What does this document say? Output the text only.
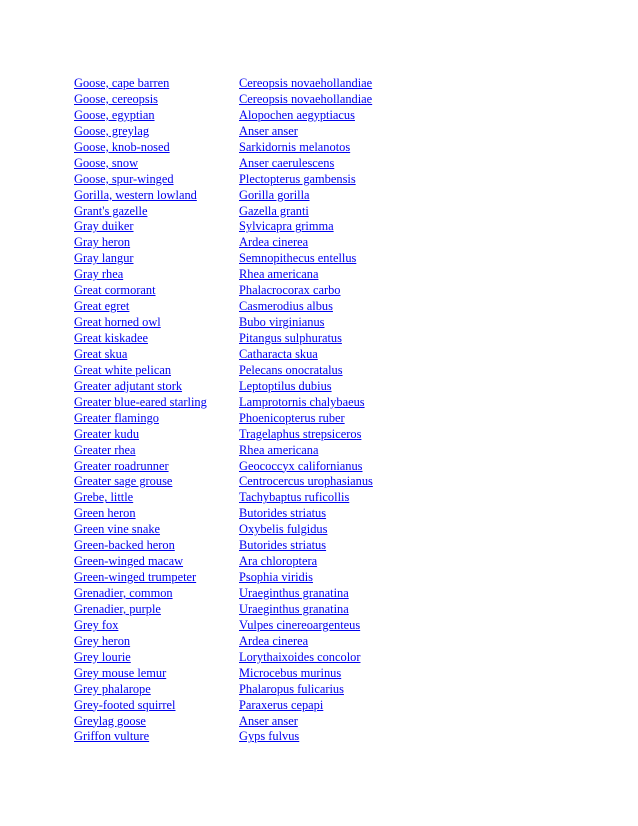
Goose, cape barren	Cereopsis novaehollandiae
Goose, cereopsis	Cereopsis novaehollandiae
Goose, egyptian	Alopochen aegyptiacus
Goose, greylag	Anser anser
Goose, knob-nosed	Sarkidornis melanotos
Goose, snow	Anser caerulescens
Goose, spur-winged	Plectopterus gambensis
Gorilla, western lowland	Gorilla gorilla
Grant's gazelle	Gazella granti
Gray duiker	Sylvicapra grimma
Gray heron	Ardea cinerea
Gray langur	Semnopithecus entellus
Gray rhea	Rhea americana
Great cormorant	Phalacrocorax carbo
Great egret	Casmerodius albus
Great horned owl	Bubo virginianus
Great kiskadee	Pitangus sulphuratus
Great skua	Catharacta skua
Great white pelican	Pelecans onocratalus
Greater adjutant stork	Leptoptilus dubius
Greater blue-eared starling	Lamprotornis chalybaeus
Greater flamingo	Phoenicopterus ruber
Greater kudu	Tragelaphus strepsiceros
Greater rhea	Rhea americana
Greater roadrunner	Geococcyx californianus
Greater sage grouse	Centrocercus urophasianus
Grebe, little	Tachybaptus ruficollis
Green heron	Butorides striatus
Green vine snake	Oxybelis fulgidus
Green-backed heron	Butorides striatus
Green-winged macaw	Ara chloroptera
Green-winged trumpeter	Psophia viridis
Grenadier, common	Uraeginthus granatina
Grenadier, purple	Uraeginthus granatina
Grey fox	Vulpes cinereoargenteus
Grey heron	Ardea cinerea
Grey lourie	Lorythaixoides concolor
Grey mouse lemur	Microcebus murinus
Grey phalarope	Phalaropus fulicarius
Grey-footed squirrel	Paraxerus cepapi
Greylag goose	Anser anser
Griffon vulture	Gyps fulvus
